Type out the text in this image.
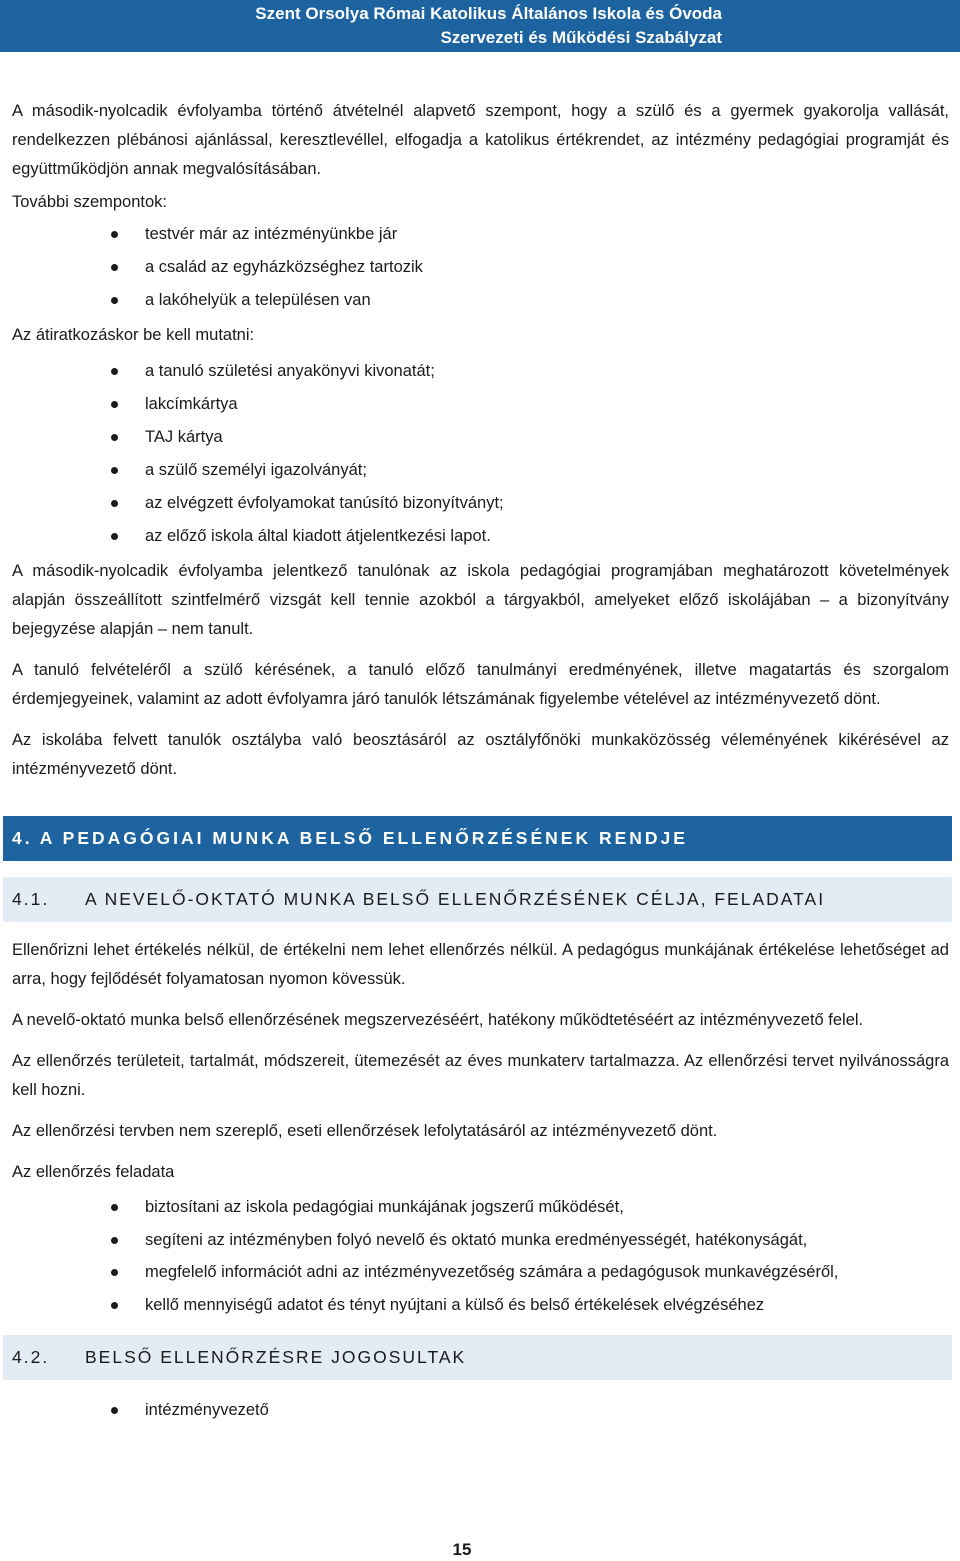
Szent Orsolya Római Katolikus Általános Iskola és Óvoda
Szervezeti és Működési Szabályzat

A második-nyolcadik évfolyamba történő átvételnél alapvető szempont, hogy a szülő és a gyermek gyakorolja vallását, rendelkezzen plébánosi ajánlással, keresztlevéllel, elfogadja a katolikus értékrendet, az intézmény pedagógiai programját és együttműködjön annak megvalósításában.

További szempontok:
testvér már az intézményünkbe jár
a család az egyházközséghez tartozik
a lakóhelyük a településen van
Az átiratkozáskor be kell mutatni:
a tanuló születési anyakönyvi kivonatát;
lakcímkártya
TAJ kártya
a szülő személyi igazolványát;
az elvégzett évfolyamokat tanúsító bizonyítványt;
az előző iskola által kiadott átjelentkezési lapot.

A második-nyolcadik évfolyamba jelentkező tanulónak az iskola pedagógiai programjában meghatározott követelmények alapján összeállított szintfelmérő vizsgát kell tennie azokból a tárgyakból, amelyeket előző iskolájában – a bizonyítvány bejegyzése alapján – nem tanult.

A tanuló felvételéről a szülő kérésének, a tanuló előző tanulmányi eredményének, illetve magatartás és szorgalom érdemjegyeinek, valamint az adott évfolyamra járó tanulók létszámának figyelembe vételével az intézményvezető dönt.

Az iskolába felvett tanulók osztályba való beosztásáról az osztályfőnöki munkaközösség véleményének kikérésével az intézményvezető dönt.

4. A PEDAGÓGIAI MUNKA BELSŐ ELLENŐRZÉSÉNEK RENDJE
4.1. A NEVELŐ-OKTATÓ MUNKA BELSŐ ELLENŐRZÉSÉNEK CÉLJA, FELADATAI

Ellenőrizni lehet értékelés nélkül, de értékelni nem lehet ellenőrzés nélkül. A pedagógus munkájának értékelése lehetőséget ad arra, hogy fejlődését folyamatosan nyomon kövessük.

A nevelő-oktató munka belső ellenőrzésének megszervezéséért, hatékony működtetéséért az intézményvezető felel.

Az ellenőrzés területeit, tartalmát, módszereit, ütemezését az éves munkaterv tartalmazza. Az ellenőrzési tervet nyilvánosságra kell hozni.

Az ellenőrzési tervben nem szereplő, eseti ellenőrzések lefolytatásáról az intézményvezető dönt.

Az ellenőrzés feladata
biztosítani az iskola pedagógiai munkájának jogszerű működését,
segíteni az intézményben folyó nevelő és oktató munka eredményességét, hatékonyságát,
megfelelő információt adni az intézményvezetőség számára a pedagógusok munkavégzéséről,
kellő mennyiségű adatot és tényt nyújtani a külső és belső értékelések elvégzéséhez
4.2. BELSŐ ELLENŐRZÉSRE JOGOSULTAK
intézményvezető
15
